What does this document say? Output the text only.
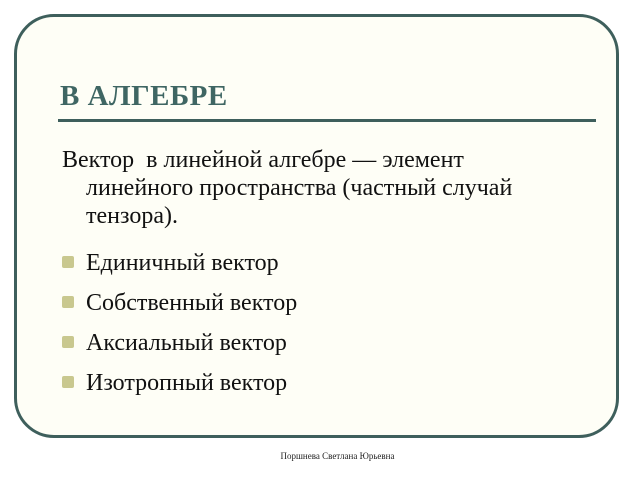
В АЛГЕБРЕ
Вектор  в линейной алгебре — элемент
линейного пространства (частный случай
тензора).
Единичный вектор
Собственный вектор
Аксиальный вектор
Изотропный вектор
Поршнева Светлана Юрьевна
